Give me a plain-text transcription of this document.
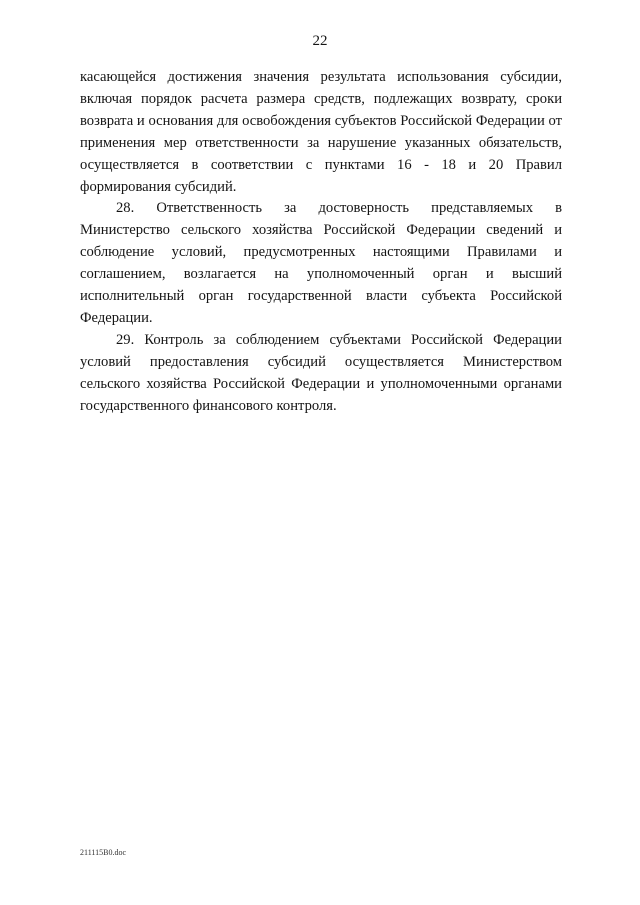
22

касающейся достижения значения результата использования субсидии, включая порядок расчета размера средств, подлежащих возврату, сроки возврата и основания для освобождения субъектов Российской Федерации от применения мер ответственности за нарушение указанных обязательств, осуществляется в соответствии с пунктами 16 - 18 и 20 Правил формирования субсидий.

28. Ответственность за достоверность представляемых в Министерство сельского хозяйства Российской Федерации сведений и соблюдение условий, предусмотренных настоящими Правилами и соглашением, возлагается на уполномоченный орган и высший исполнительный орган государственной власти субъекта Российской Федерации.

29. Контроль за соблюдением субъектами Российской Федерации условий предоставления субсидий осуществляется Министерством сельского хозяйства Российской Федерации и уполномоченными органами государственного финансового контроля.

211115В0.doc
